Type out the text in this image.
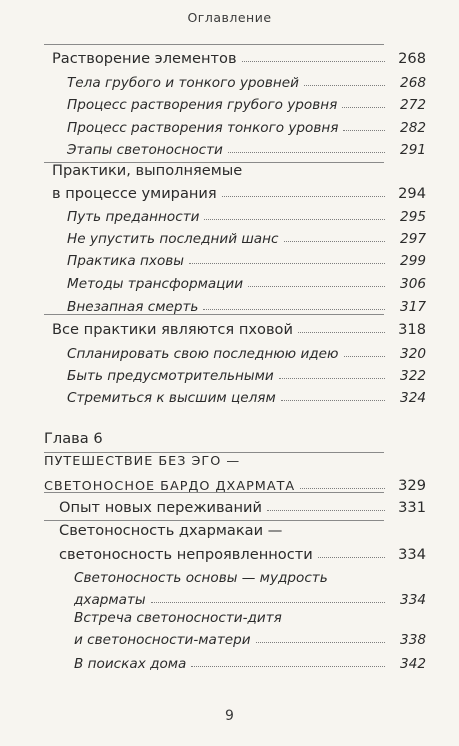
Оглавление
Растворение элементов	268
Тела грубого и тонкого уровней	268
Процесс растворения грубого уровня	272
Процесс растворения тонкого уровня	282
Этапы светоносности	291
Практики, выполняемые
в процессе умирания	294
Путь преданности	295
Не упустить последний шанс	297
Практика пховы	299
Методы трансформации	306
Внезапная смерть	317
Все практики являются пховой	318
Спланировать свою последнюю идею	320
Быть предусмотрительными	322
Стремиться к высшим целям	324
Глава 6
ПУТЕШЕСТВИЕ БЕЗ ЭГО —
СВЕТОНОСНОЕ БАРДО ДХАРМАТА	329
Опыт новых переживаний	331
Светоносность дхармакаи —
светоносность непроявленности	334
Светоносность основы — мудрость
дхарматы	334
Встреча светоносности-дитя
и светоносности-матери	338
В поисках дома	342
9
